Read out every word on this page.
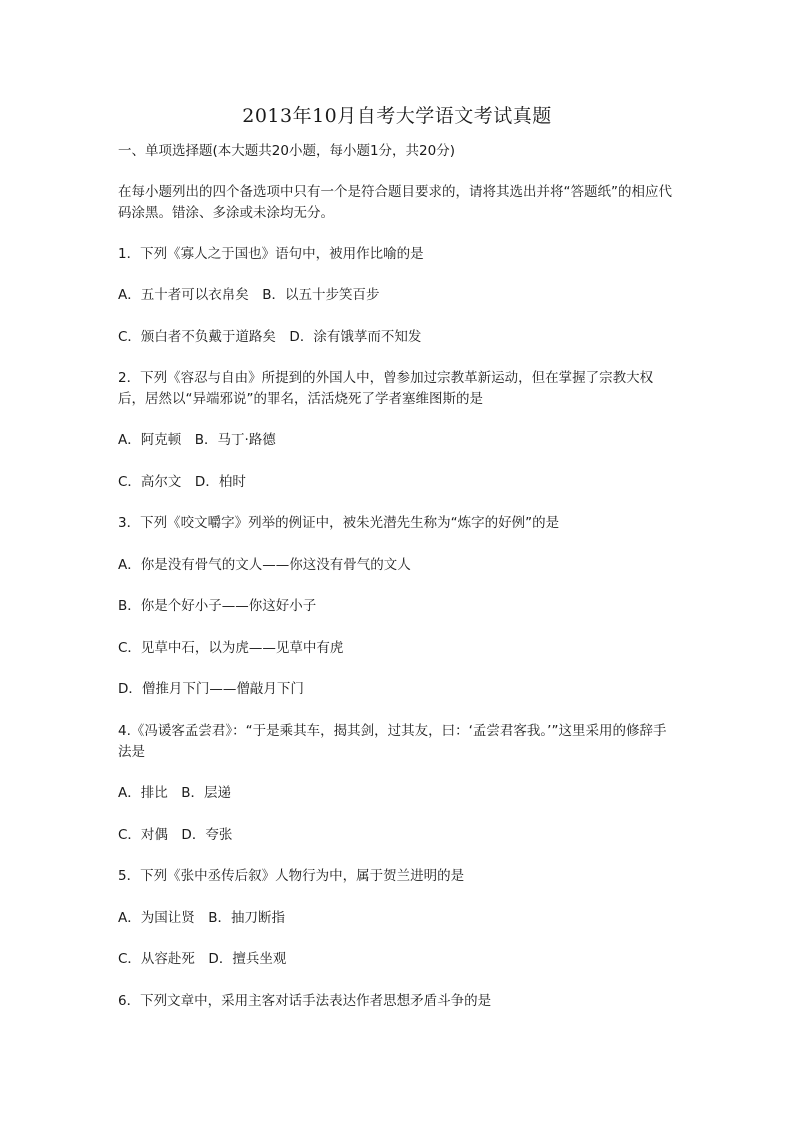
2013年10月自考大学语文考试真题
一、单项选择题(本大题共20小题，每小题1分，共20分)
在每小题列出的四个备选项中只有一个是符合题目要求的，请将其选出并将“答题纸”的相应代码涂黑。错涂、多涂或未涂均无分。
1．下列《寡人之于国也》语句中，被用作比喻的是
A．五十者可以衣帛矣　B．以五十步笑百步
C．颁白者不负戴于道路矣　D．涂有饿莩而不知发
2．下列《容忍与自由》所提到的外国人中，曾参加过宗教革新运动，但在掌握了宗教大权后，居然以“异端邪说”的罪名，活活烧死了学者塞维图斯的是
A．阿克顿　B．马丁·路德
C．高尔文　D．柏时
3．下列《咬文嚼字》列举的例证中，被朱光潜先生称为“炼字的好例”的是
A．你是没有骨气的文人——你这没有骨气的文人
B．你是个好小子——你这好小子
C．见草中石，以为虎——见草中有虎
D．僧推月下门——僧敲月下门
4.《冯谖客孟尝君》：“于是乘其车，揭其剑，过其友，曰：‘孟尝君客我。’”这里采用的修辞手法是
A．排比　B．层递
C．对偶　D．夸张
5．下列《张中丞传后叙》人物行为中，属于贺兰进明的是
A．为国让贤　B．抽刀断指
C．从容赴死　D．擅兵坐观
6．下列文章中，采用主客对话手法表达作者思想矛盾斗争的是
